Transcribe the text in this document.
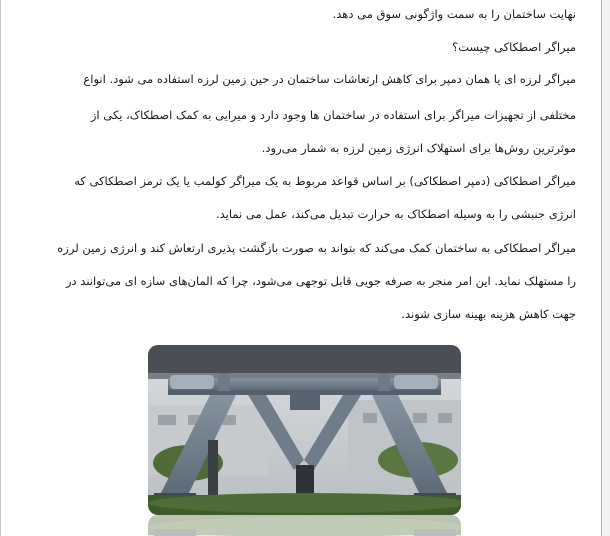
نهایت ساختمان را به سمت واژگونی سوق می دهد.
میراگر اصطکاکی چیست؟
میراگر لرزه ای یا همان دمپر برای کاهش ارتعاشات ساختمان در حین زمین لرزه استفاده می شود. انواع
مختلفی از تجهیزات میراگر برای استفاده در ساختمان ها وجود دارد و میرایی به کمک اصطکاک، یکی از
موثرترین روش‌ها برای استهلاک انرژی زمین لرزه به شمار می‌رود.
میراگر اصطکاکی (دمپر اصطکاکی) بر اساس قواعد مربوط به یک میراگر کولمب یا یک ترمز اصطکاکی که
انرژی جنبشی را به وسیله اصطکاک به حرارت تبدیل می‌کند، عمل می نماید.
میراگر اصطکاکی به ساختمان کمک می‌کند که بتواند به صورت بازگشت پذیری ارتعاش کند و انرژی زمین لرزه
را مستهلک نماید. این امر منجر به صرفه جویی قابل توجهی می‌شود، چرا که المان‌های سازه ای می‌توانند در
جهت کاهش هزینه بهینه سازی شوند.
